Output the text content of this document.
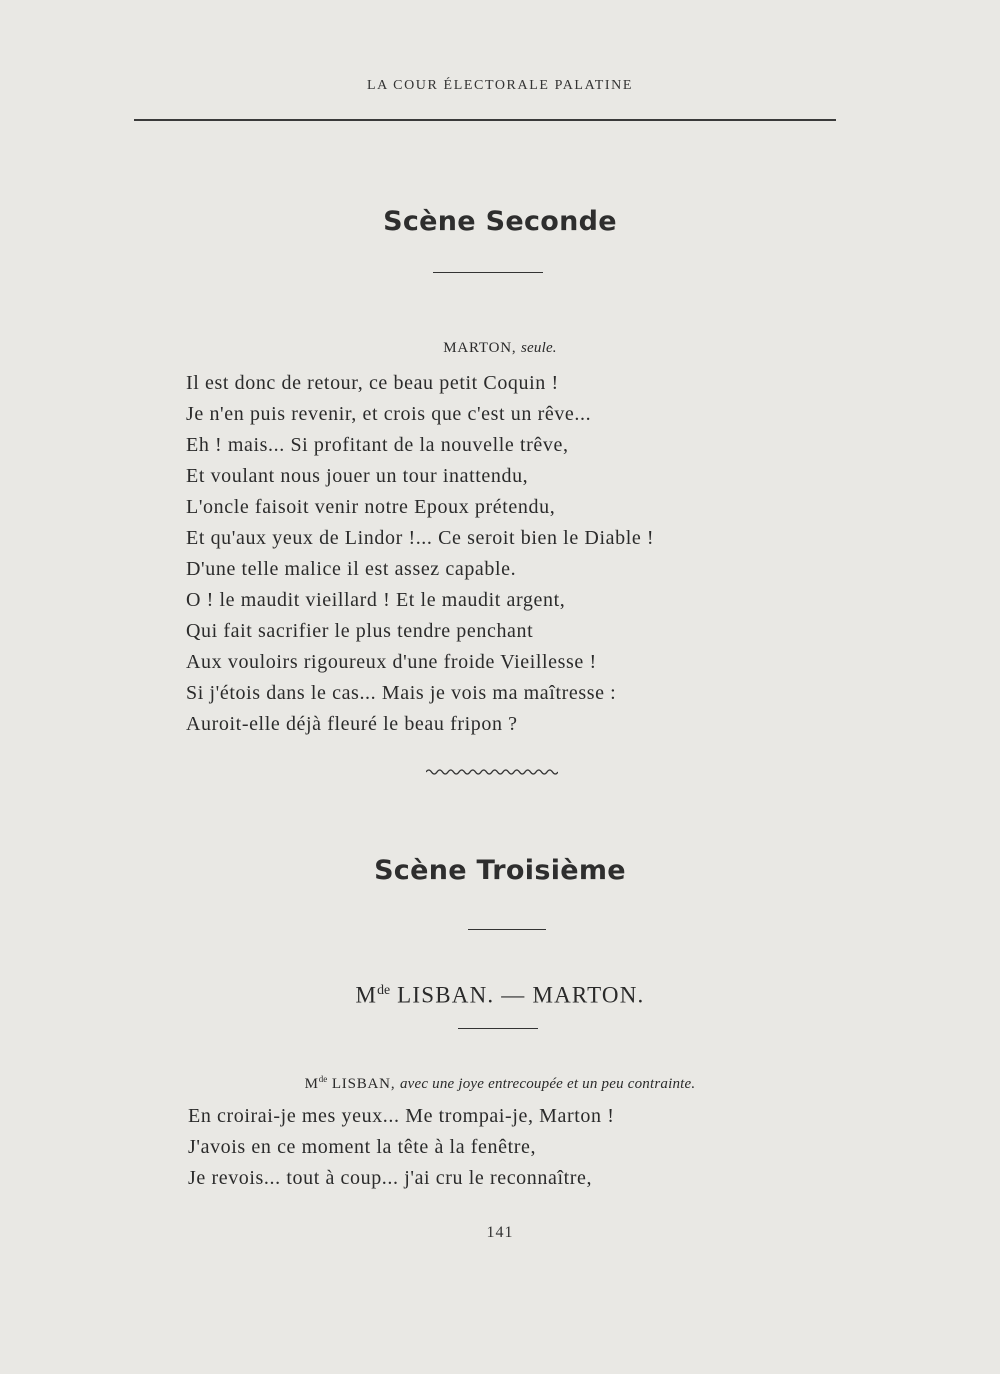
LA COUR ÉLECTORALE PALATINE
Scène Seconde
MARTON, seule.
Il est donc de retour, ce beau petit Coquin !
Je n'en puis revenir, et crois que c'est un rêve...
Eh ! mais... Si profitant de la nouvelle trêve,
Et voulant nous jouer un tour inattendu,
L'oncle faisoit venir notre Epoux prétendu,
Et qu'aux yeux de Lindor !... Ce seroit bien le Diable !
D'une telle malice il est assez capable.
O ! le maudit vieillard ! Et le maudit argent,
Qui fait sacrifier le plus tendre penchant
Aux vouloirs rigoureux d'une froide Vieillesse !
Si j'étois dans le cas... Mais je vois ma maîtresse :
Auroit-elle déjà fleuré le beau fripon ?
Scène Troisième
Mde LISBAN. — MARTON.
Mde LISBAN, avec une joye entrecoupée et un peu contrainte.
En croirai-je mes yeux... Me trompai-je, Marton !
J'avois en ce moment la tête à la fenêtre,
Je revois... tout à coup... j'ai cru le reconnaître,
141
